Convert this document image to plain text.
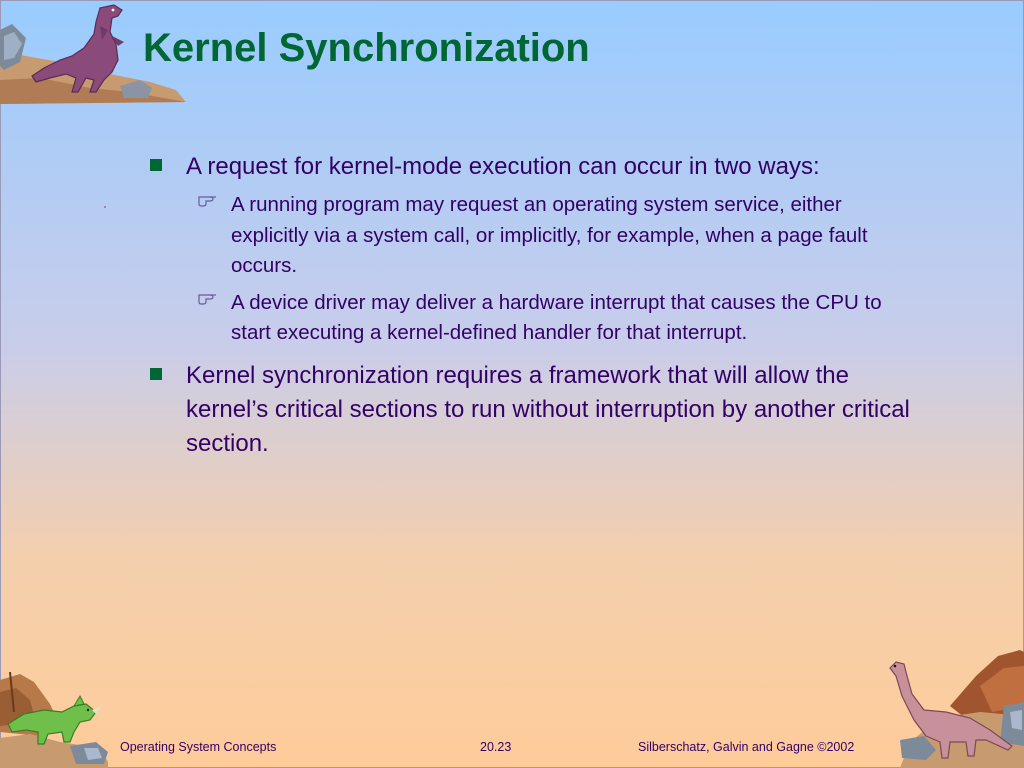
Kernel Synchronization
A request for kernel-mode execution can occur in two ways:
A running program may request an operating system service, either explicitly via a system call, or implicitly, for example, when a page fault occurs.
A device driver may deliver a hardware interrupt that causes the CPU to start executing a kernel-defined handler for that interrupt.
Kernel synchronization requires a framework that will allow the kernel’s critical sections to run without interruption by another critical section.
Operating System Concepts	20.23	Silberschatz, Galvin and Gagne ©2002
